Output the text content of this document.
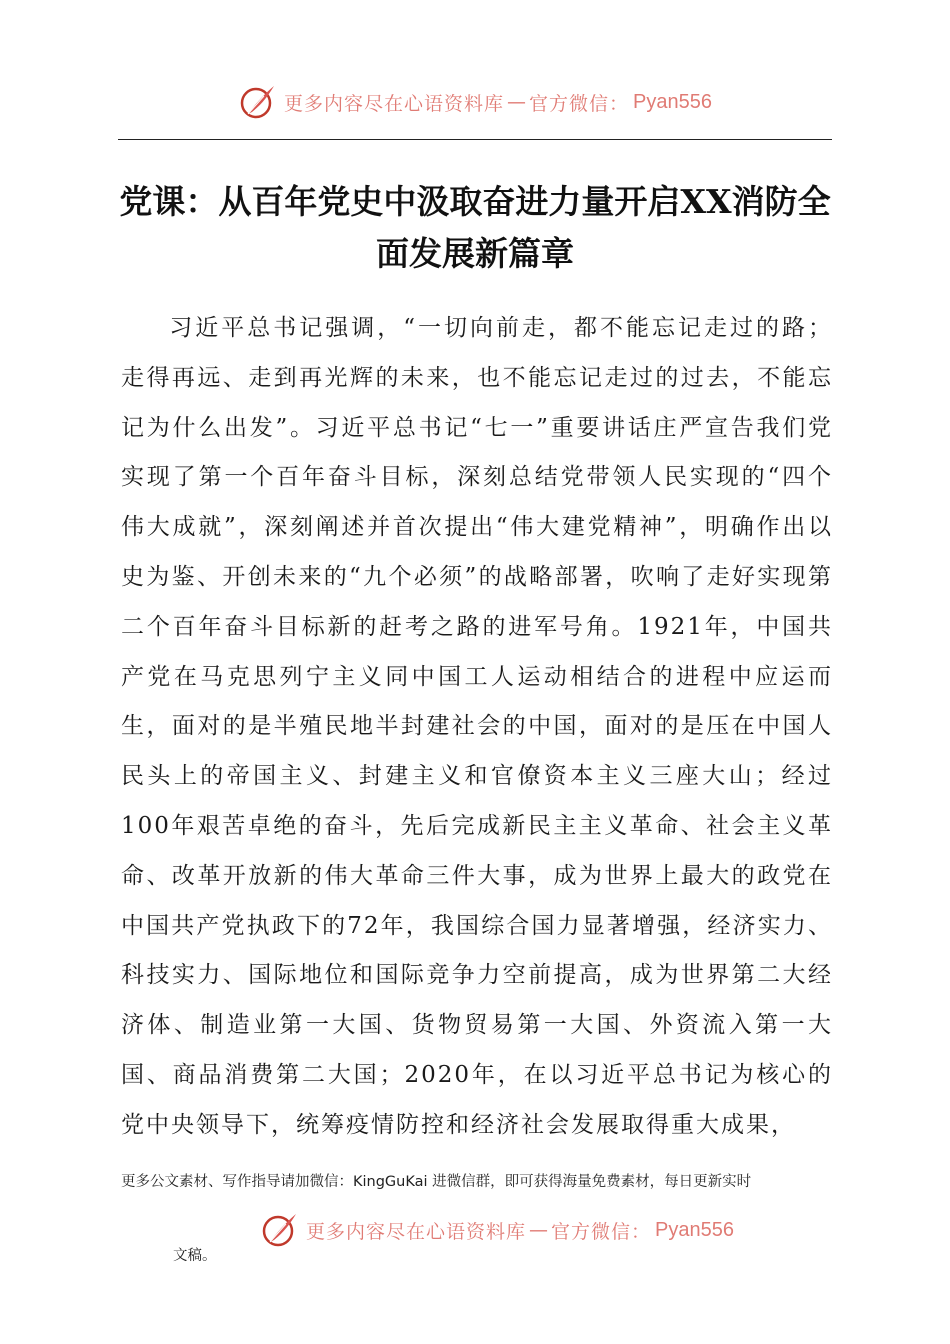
更多内容尽在心语资料库 — 官方微信： Pyan556
党课：从百年党史中汲取奋进力量开启XX消防全面发展新篇章

习近平总书记强调，“一切向前走，都不能忘记走过的路；走得再远、走到再光辉的未来，也不能忘记走过的过去，不能忘记为什么出发”。习近平总书记“七一”重要讲话庄严宣告我们党实现了第一个百年奋斗目标，深刻总结党带领人民实现的“四个伟大成就”，深刻阐述并首次提出“伟大建党精神”，明确作出以史为鉴、开创未来的“九个必须”的战略部署，吹响了走好实现第二个百年奋斗目标新的赶考之路的进军号角。1921年，中国共产党在马克思列宁主义同中国工人运动相结合的进程中应运而生，面对的是半殖民地半封建社会的中国，面对的是压在中国人民头上的帝国主义、封建主义和官僚资本主义三座大山；经过100年艰苦卓绝的奋斗，先后完成新民主主义革命、社会主义革命、改革开放新的伟大革命三件大事，成为世界上最大的政党在中国共产党执政下的72年，我国综合国力显著增强，经济实力、科技实力、国际地位和国际竞争力空前提高，成为世界第二大经济体、制造业第一大国、货物贸易第一大国、外资流入第一大国、商品消费第二大国；2020年，在以习近平总书记为核心的党中央领导下，统筹疫情防控和经济社会发展取得重大成果，

更多公文素材、写作指导请加微信：KingGuKai 进微信群，即可获得海量免费素材，每日更新实时

更多内容尽在心语资料库 — 官方微信： Pyan556
文稿。
